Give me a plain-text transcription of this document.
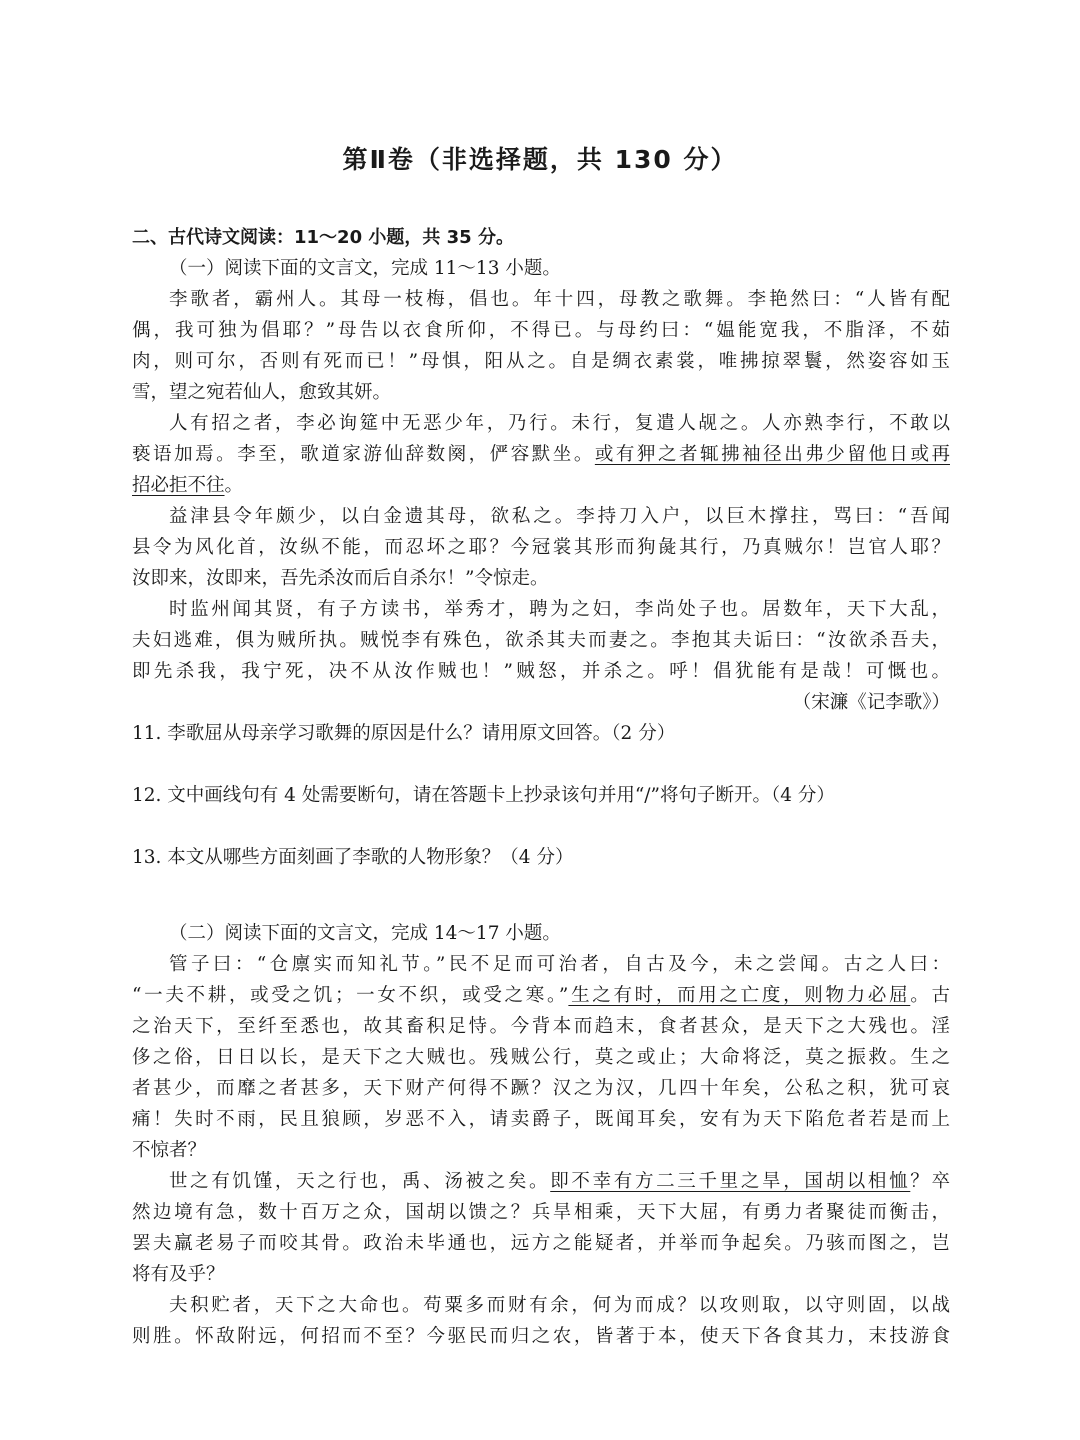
第Ⅱ卷（非选择题，共 130 分）
二、古代诗文阅读：11～20 小题，共 35 分。
（一）阅读下面的文言文，完成 11～13 小题。
李歌者，霸州人。其母一枝梅，倡也。年十四，母教之歌舞。李艳然曰：“人皆有配
偶，我可独为倡耶？”母告以衣食所仰，不得已。与母约曰：“媪能宽我，不脂泽，不茹
肉，则可尔，否则有死而已！”母惧，阳从之。自是绸衣素裳，唯拂掠翠鬟，然姿容如玉
雪，望之宛若仙人，愈致其妍。
人有招之者，李必询筵中无恶少年，乃行。未行，复遣人觇之。人亦熟李行，不敢以
亵语加焉。李至，歌道家游仙辞数阕，俨容默坐。或有狎之者辄拂袖径出弗少留他日或再
招必拒不往。
益津县令年颇少，以白金遗其母，欲私之。李持刀入户，以巨木撑拄，骂曰：“吾闻
县令为风化首，汝纵不能，而忍坏之耶？今冠裳其形而狗彘其行，乃真贼尔！岂官人耶？
汝即来，汝即来，吾先杀汝而后自杀尔！”令惊走。
时监州闻其贤，有子方读书，举秀才，聘为之妇，李尚处子也。居数年，天下大乱，
夫妇逃难，俱为贼所执。贼悦李有殊色，欲杀其夫而妻之。李抱其夫诟曰：“汝欲杀吾夫，
即先杀我，我宁死，决不从汝作贼也！”贼怒，并杀之。呼！倡犹能有是哉！可慨也。
（宋濂《记李歌》）
11. 李歌屈从母亲学习歌舞的原因是什么？请用原文回答。（2 分）
12. 文中画线句有 4 处需要断句，请在答题卡上抄录该句并用“/”将句子断开。（4 分）
13. 本文从哪些方面刻画了李歌的人物形象？（4 分）
（二）阅读下面的文言文，完成 14～17 小题。
管子曰：“仓廪实而知礼节。”民不足而可治者，自古及今，未之尝闻。古之人曰：
“一夫不耕，或受之饥；一女不织，或受之寒。”生之有时，而用之亡度，则物力必屈。古
之治天下，至纤至悉也，故其畜积足恃。今背本而趋末，食者甚众，是天下之大残也。淫
侈之俗，日日以长，是天下之大贼也。残贼公行，莫之或止；大命将泛，莫之振救。生之
者甚少，而靡之者甚多，天下财产何得不蹶？汉之为汉，几四十年矣，公私之积，犹可哀
痛！失时不雨，民且狼顾，岁恶不入，请卖爵子，既闻耳矣，安有为天下陷危者若是而上
不惊者？
世之有饥馑，天之行也，禹、汤被之矣。即不幸有方二三千里之旱，国胡以相恤？卒
然边境有急，数十百万之众，国胡以馈之？兵旱相乘，天下大屈，有勇力者聚徒而衡击，
罢夫羸老易子而咬其骨。政治未毕通也，远方之能疑者，并举而争起矣。乃骇而图之，岂
将有及乎？
夫积贮者，天下之大命也。苟粟多而财有余，何为而成？以攻则取，以守则固，以战
则胜。怀敌附远，何招而不至？今驱民而归之农，皆著于本，使天下各食其力，末技游食
